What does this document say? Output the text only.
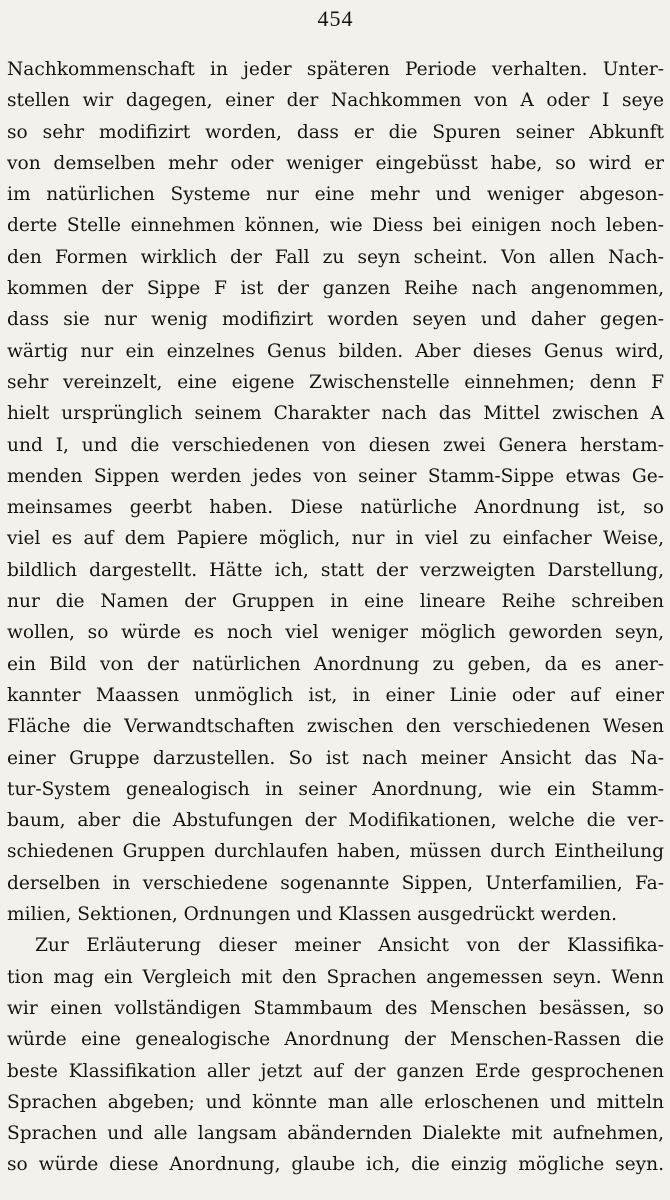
454
Nachkommenschaft in jeder späteren Periode verhalten. Unter-
stellen wir dagegen, einer der Nachkommen von A oder I seye
so sehr modifizirt worden, dass er die Spuren seiner Abkunft
von demselben mehr oder weniger eingebüsst habe, so wird er
im natürlichen Systeme nur eine mehr und weniger abgeson-
derte Stelle einnehmen können, wie Diess bei einigen noch leben-
den Formen wirklich der Fall zu seyn scheint. Von allen Nach-
kommen der Sippe F ist der ganzen Reihe nach angenommen,
dass sie nur wenig modifizirt worden seyen und daher gegen-
wärtig nur ein einzelnes Genus bilden. Aber dieses Genus wird,
sehr vereinzelt, eine eigene Zwischenstelle einnehmen; denn F
hielt ursprünglich seinem Charakter nach das Mittel zwischen A
und I, und die verschiedenen von diesen zwei Genera herstam-
menden Sippen werden jedes von seiner Stamm-Sippe etwas Ge-
meinsames geerbt haben. Diese natürliche Anordnung ist, so
viel es auf dem Papiere möglich, nur in viel zu einfacher Weise,
bildlich dargestellt. Hätte ich, statt der verzweigten Darstellung,
nur die Namen der Gruppen in eine lineare Reihe schreiben
wollen, so würde es noch viel weniger möglich geworden seyn,
ein Bild von der natürlichen Anordnung zu geben, da es aner-
kannter Maassen unmöglich ist, in einer Linie oder auf einer
Fläche die Verwandtschaften zwischen den verschiedenen Wesen
einer Gruppe darzustellen. So ist nach meiner Ansicht das Na-
tur-System genealogisch in seiner Anordnung, wie ein Stamm-
baum, aber die Abstufungen der Modifikationen, welche die ver-
schiedenen Gruppen durchlaufen haben, müssen durch Eintheilung
derselben in verschiedene sogenannte Sippen, Unterfamilien, Fa-
milien, Sektionen, Ordnungen und Klassen ausgedrückt werden.
Zur Erläuterung dieser meiner Ansicht von der Klassifika-
tion mag ein Vergleich mit den Sprachen angemessen seyn. Wenn
wir einen vollständigen Stammbaum des Menschen besässen, so
würde eine genealogische Anordnung der Menschen-Rassen die
beste Klassifikation aller jetzt auf der ganzen Erde gesprochenen
Sprachen abgeben; und könnte man alle erloschenen und mitteln
Sprachen und alle langsam abändernden Dialekte mit aufnehmen,
so würde diese Anordnung, glaube ich, die einzig mögliche seyn.
